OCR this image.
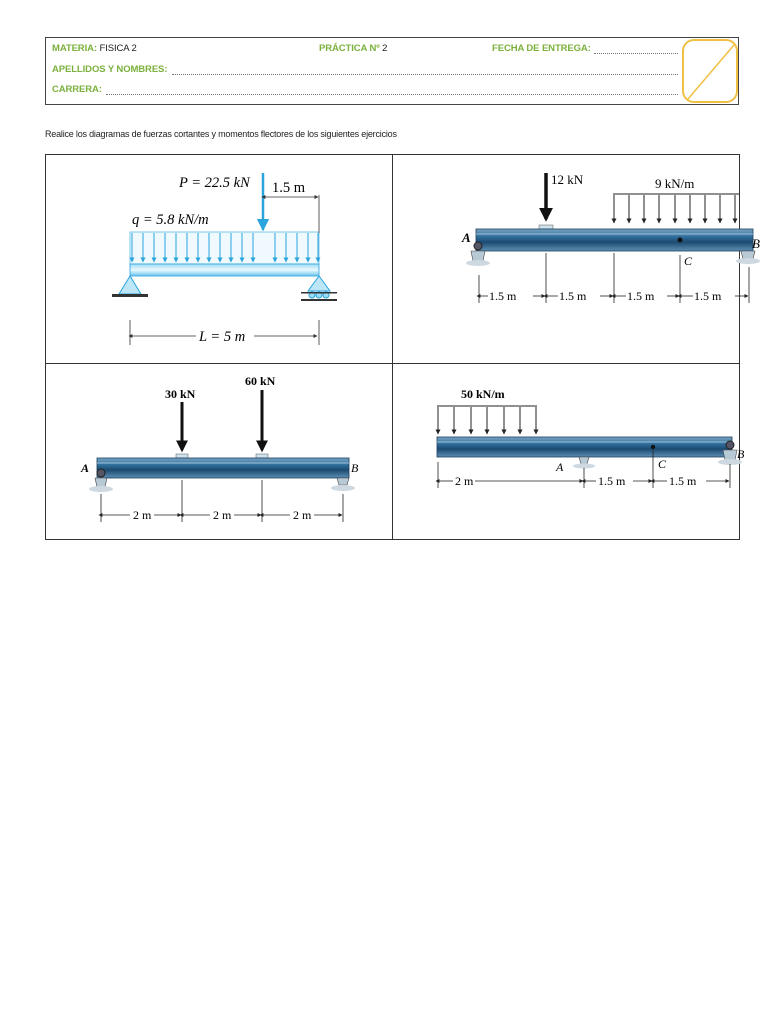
MATERIA: FISICA 2	PRÁCTICA Nº 2	FECHA DE ENTREGA:
APELLIDOS Y NOMBRES:
CARRERA:
Realice los diagramas de fuerzas cortantes y momentos flectores de los siguientes ejercicios
P = 22.5 kN 1.5 m
q = 5.8 kN/m
L = 5 m
12 kN	9 kN/m
A	B
C
1.5 m	1.5 m	1.5 m	1.5 m
30 kN
60 kN
A	B
2 m	2 m	2 m
50 kN/m
A
B
C
2 m	1.5 m	1.5 m
